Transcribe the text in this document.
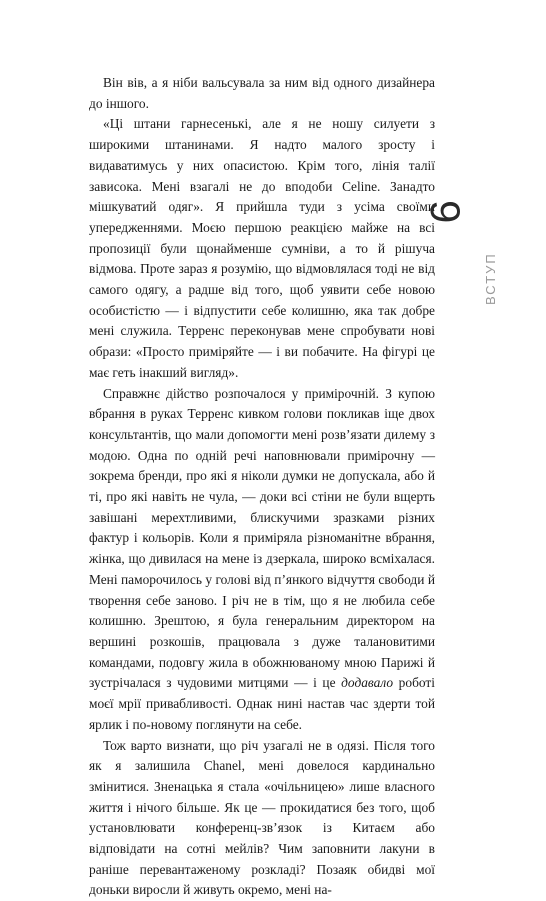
Він вів, а я ніби вальсувала за ним від одного дизайнера до іншого.

«Ці штани гарнесенькі, але я не ношу силуети з широкими штанинами. Я надто малого зросту і видаватимусь у них опасистою. Крім того, лінія талії зависока. Мені взагалі не до вподоби Celine. Занадто мішкуватий одяг». Я прийшла туди з усіма своїми упередженнями. Моєю першою реакцією майже на всі пропозиції були щонайменше сумніви, а то й рішуча відмова. Проте зараз я розумію, що відмовлялася тоді не від самого одягу, а радше від того, щоб уявити себе новою особистістю — і відпустити себе колишню, яка так добре мені служила. Терренс переконував мене спробувати нові образи: «Просто приміряйте — і ви побачите. На фігурі це має геть інакший вигляд».

Справжнє дійство розпочалося у примірочній. З купою вбрання в руках Терренс кивком голови покликав іще двох консультантів, що мали допомогти мені розв’язати дилему з модою. Одна по одній речі наповнювали примірочну — зокрема бренди, про які я ніколи думки не допускала, або й ті, про які навіть не чула, — доки всі стіни не були вщерть завішані мерехтливими, блискучими зразками різних фактур і кольорів. Коли я приміряла різноманітне вбрання, жінка, що дивилася на мене із дзеркала, широко всміхалася. Мені паморочилось у голові від п’янкого відчуття свободи й творення себе заново. І річ не в тім, що я не любила себе колишню. Зрештою, я була генеральним директором на вершині розкошів, працювала з дуже талановитими командами, подовгу жила в обожнюваному мною Парижі й зустрічалася з чудовими митцями — і це додавало роботі моєї мрії привабливості. Однак нині настав час здерти той ярлик і по-новому поглянути на себе.

Тож варто визнати, що річ узагалі не в одязі. Після того як я залишила Chanel, мені довелося кардинально змінитися. Зненацька я стала «очільницею» лише власного життя і нічого більше. Як це — прокидатися без того, щоб установлювати конференц-зв’язок із Китаєм або відповідати на сотні мейлів? Чим заповнити лакуни в раніше перевантаженому розкладі? Позаяк обидві мої доньки виросли й живуть окремо, мені на-

9
ВСТУП
